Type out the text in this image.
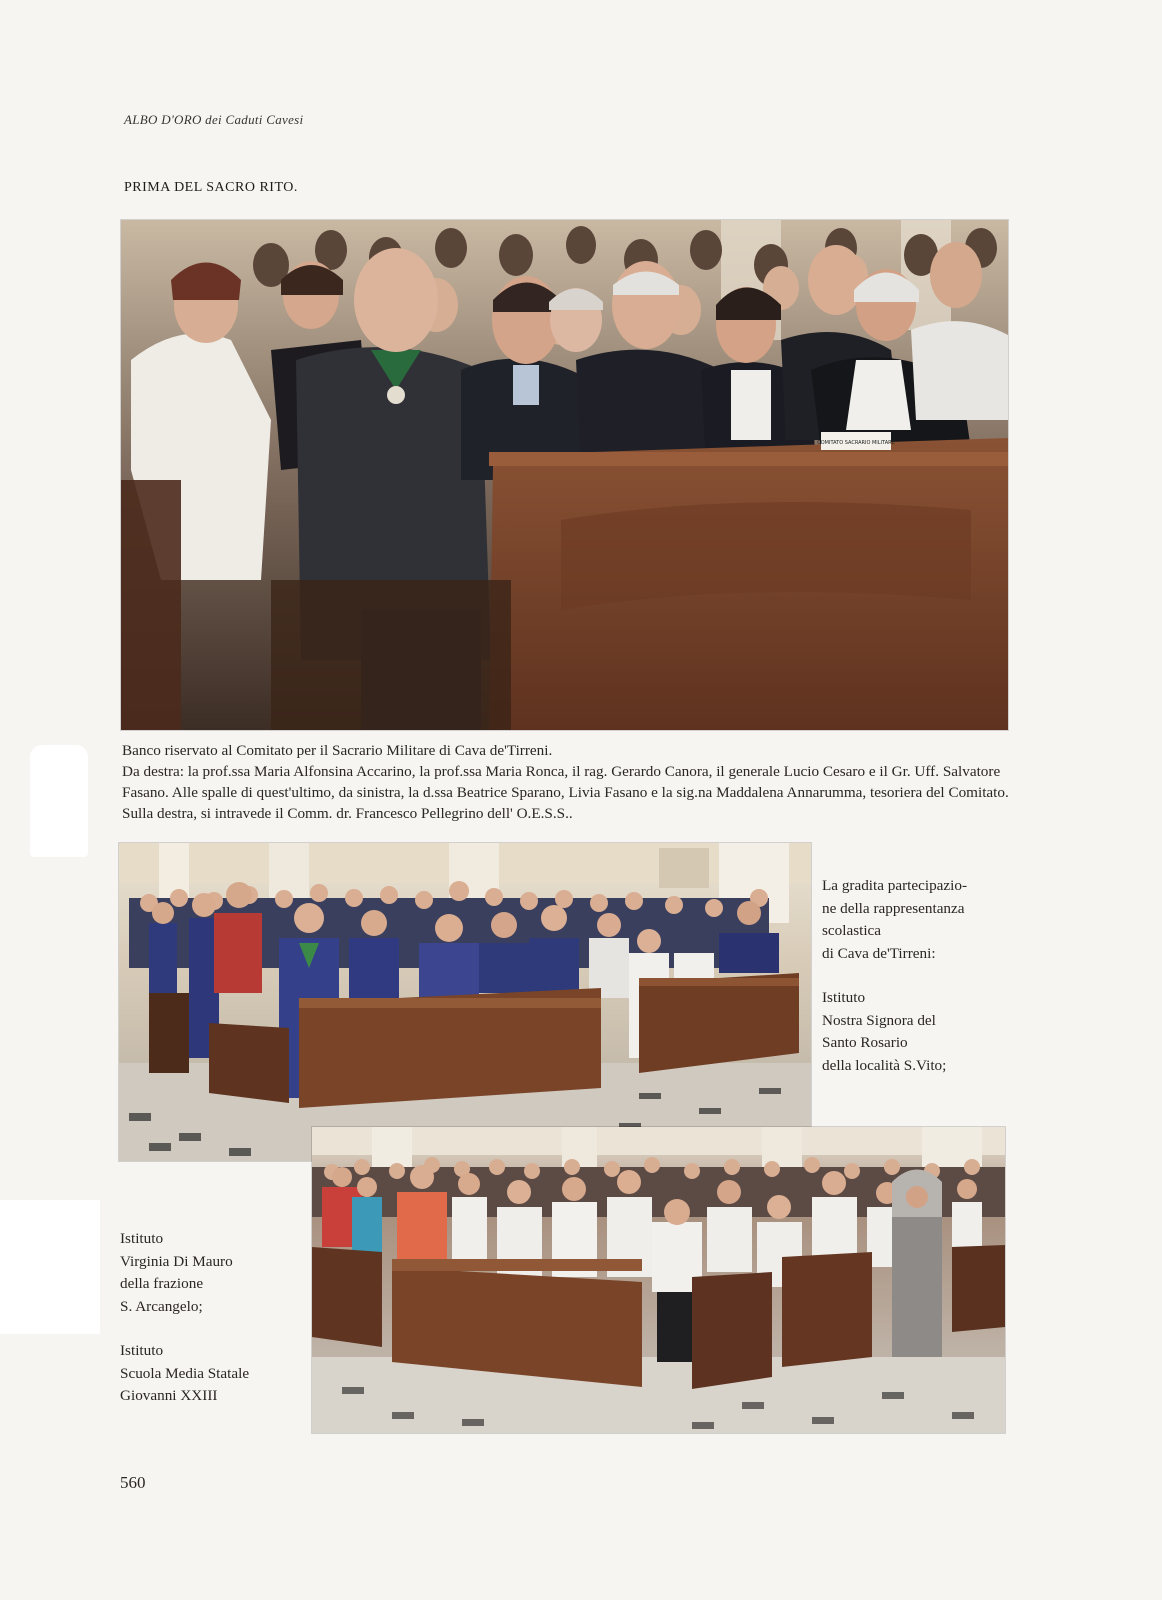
ALBO D'ORO dei Caduti Cavesi
PRIMA DEL SACRO RITO.
COMITATO SACRARIO MILITARE

Banco riservato al Comitato per il Sacrario Militare di Cava de'Tirreni.

Da destra: la prof.ssa Maria Alfonsina Accarino, la prof.ssa Maria Ronca, il rag. Gerardo Canora, il generale Lucio Cesaro e il Gr. Uff. Salvatore Fasano. Alle spalle di quest'ultimo, da sinistra, la d.ssa Beatrice Sparano, Livia Fasano e la sig.na Maddalena Annarumma, tesoriera del Comitato. Sulla destra, si intravede il Comm. dr. Francesco Pellegrino dell' O.E.S.S..

La gradita partecipazio-

ne della rappresentanza

scolastica

di Cava de'Tirreni:

Istituto

Nostra Signora del

Santo Rosario

della località S.Vito;

Istituto

Virginia Di Mauro

della frazione

S. Arcangelo;

Istituto

Scuola Media Statale

Giovanni XXIII

560
